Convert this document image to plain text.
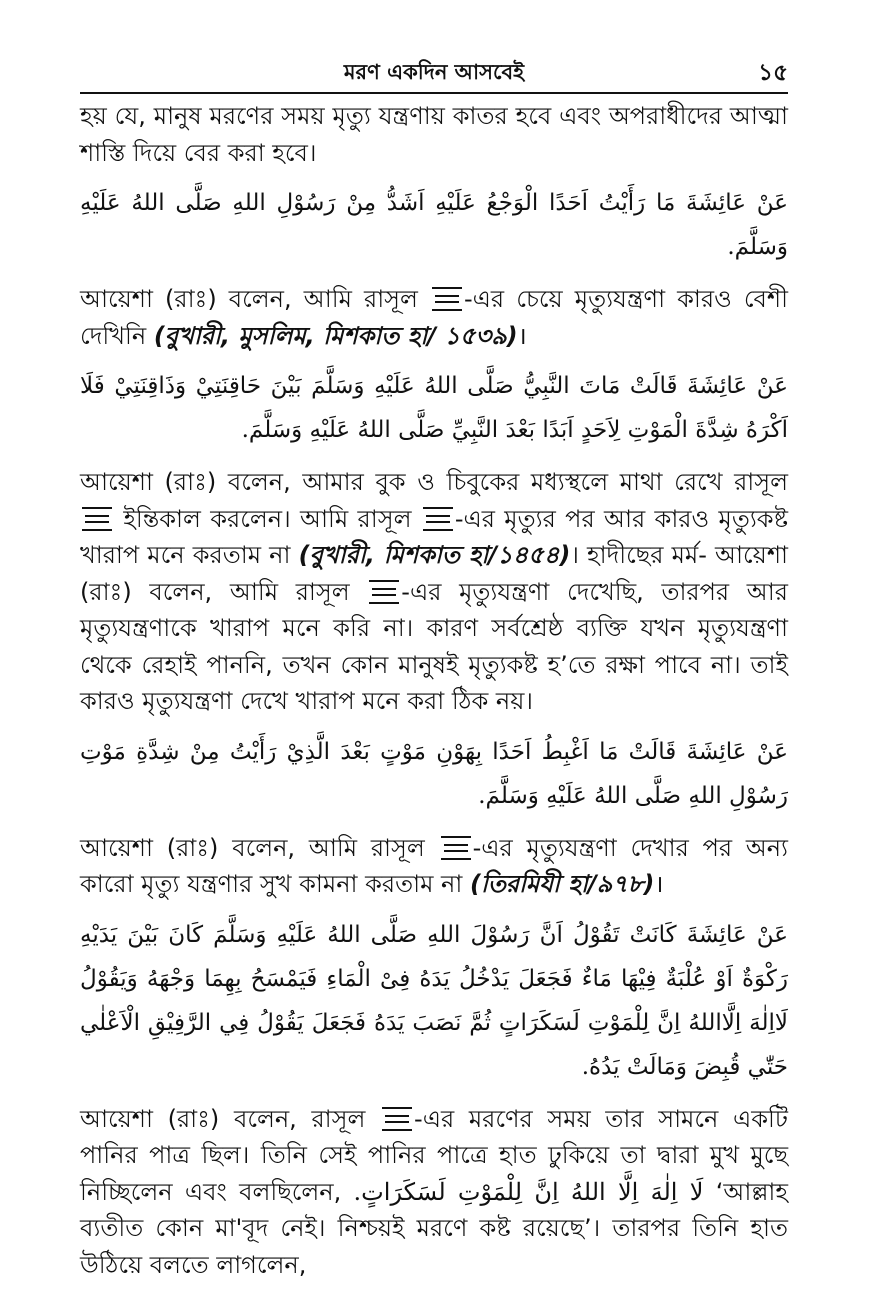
মরণ একদিন আসবেই	১৫

হয় যে, মানুষ মরণের সময় মৃত্যু যন্ত্রণায় কাতর হবে এবং অপরাধীদের আত্মা শাস্তি দিয়ে বের করা হবে।

عَنْ عَائِشَةَ مَا رَأَيْتُ اَحَدًا الْوَجْعُ عَلَيْهِ اَشَدُّ مِنْ رَسُوْلِ اللهِ صَلَّى اللهُ عَلَيْهِ وَسَلَّمَ.

আয়েশা (রাঃ) বলেন, আমি রাসূল -এর চেয়ে মৃত্যুযন্ত্রণা কারও বেশী দেখিনি (বুখারী, মুসলিম, মিশকাত হা/ ১৫৩৯)।

عَنْ عَائِشَةَ قَالَتْ مَاتَ النَّبِيُّ صَلَّى اللهُ عَلَيْهِ وَسَلَّمَ بَيْنَ حَاقِنَتِيْ وَذَاقِنَتِيْ فَلَا اَكْرَهُ شِدَّةَ الْمَوْتِ لِاَحَدٍ اَبَدًا بَعْدَ النَّبِيِّ صَلَّى اللهُ عَلَيْهِ وَسَلَّمَ.

আয়েশা (রাঃ) বলেন, আমার বুক ও চিবুকের মধ্যস্থলে মাথা রেখে রাসূল  ইন্তিকাল করলেন। আমি রাসূল -এর মৃত্যুর পর আর কারও মৃত্যুকষ্ট খারাপ মনে করতাম না (বুখারী, মিশকাত হা/১৪৫৪)। হাদীছের মর্ম- আয়েশা (রাঃ) বলেন, আমি রাসূল -এর মৃত্যুযন্ত্রণা দেখেছি, তারপর আর মৃত্যুযন্ত্রণাকে খারাপ মনে করি না। কারণ সর্বশ্রেষ্ঠ ব্যক্তি যখন মৃত্যুযন্ত্রণা থেকে রেহাই পাননি, তখন কোন মানুষই মৃত্যুকষ্ট হ’তে রক্ষা পাবে না। তাই কারও মৃত্যুযন্ত্রণা দেখে খারাপ মনে করা ঠিক নয়।

عَنْ عَائِشَةَ قَالَتْ مَا اَغْبِطُ اَحَدًا بِهَوْنِ مَوْتٍ بَعْدَ الَّذِيْ رَأَيْتُ مِنْ شِدَّةِ مَوْتِ رَسُوْلِ اللهِ صَلَّى اللهُ عَلَيْهِ وَسَلَّمَ.

আয়েশা (রাঃ) বলেন, আমি রাসূল -এর মৃত্যুযন্ত্রণা দেখার পর অন্য কারো মৃত্যু যন্ত্রণার সুখ কামনা করতাম না (তিরমিযী হা/৯৭৮)।

عَنْ عَائِشَةَ كَانَتْ تَقُوْلُ اَنَّ رَسُوْلَ اللهِ صَلَّى اللهُ عَلَيْهِ وَسَلَّمَ كَانَ بَيْنَ يَدَيْهِ رَكْوَةٌ اَوْ عُلْبَةٌ فِيْهَا مَاءٌ فَجَعَلَ يَدْخُلُ يَدَهُ فِىْ الْمَاءِ فَيَمْسَحُ بِهِمَا وَجْهَهُ وَيَقُوْلُ لَااِلٰهَ اِلَّااللهُ اِنَّ لِلْمَوْتِ لَسَكَرَاتٍ ثُمَّ نَصَبَ يَدَهُ فَجَعَلَ يَقُوْلُ فِي الرَّفِيْقِ الْاَعْلٰي حَتّٰي قُبِضَ وَمَالَتْ يَدُهُ.

আয়েশা (রাঃ) বলেন, রাসূল -এর মরণের সময় তার সামনে একটি পানির পাত্র ছিল। তিনি সেই পানির পাত্রে হাত ঢুকিয়ে তা দ্বারা মুখ মুছে নিচ্ছিলেন এবং বলছিলেন, لَا اِلٰهَ اِلَّا اللهُ اِنَّ لِلْمَوْتِ لَسَكَرَاتٍ. ‘আল্লাহ ব্যতীত কোন মা'বূদ নেই। নিশ্চয়ই মরণে কষ্ট রয়েছে’। তারপর তিনি হাত উঠিয়ে বলতে লাগলেন,
